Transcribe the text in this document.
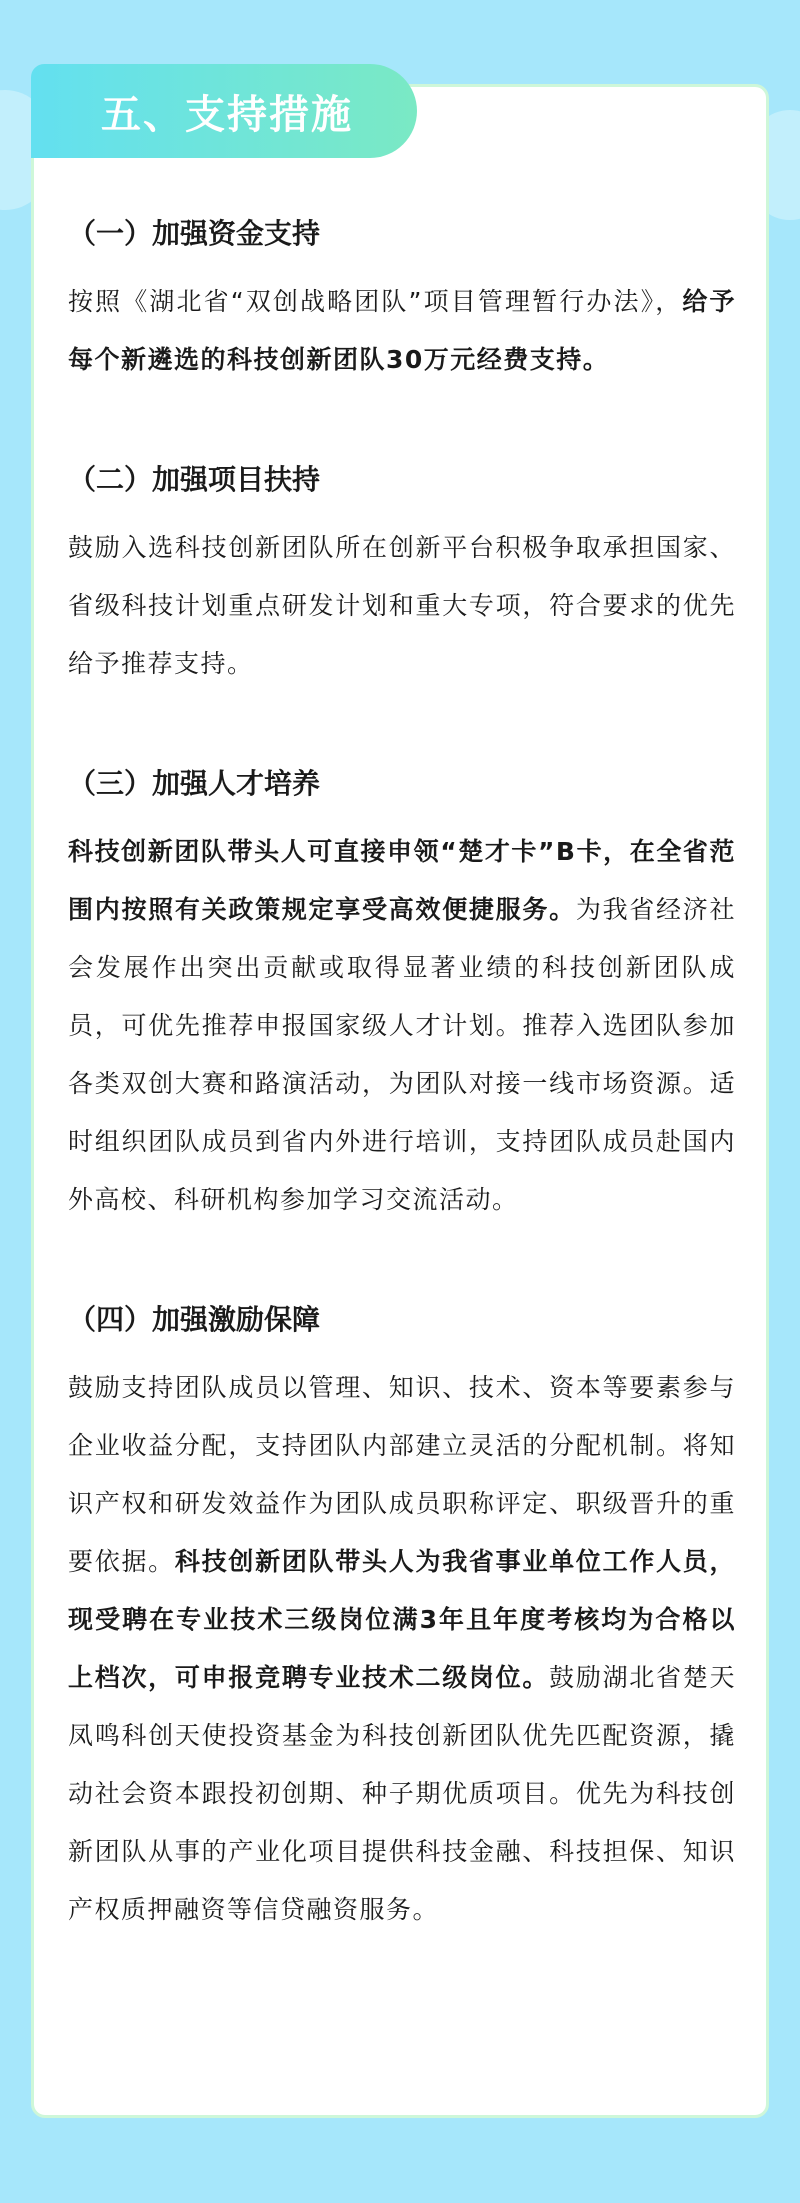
五、支持措施

（一）加强资金支持

按照《湖北省“双创战略团队”项目管理暂行办法》，给予每个新遴选的科技创新团队30万元经费支持。

（二）加强项目扶持

鼓励入选科技创新团队所在创新平台积极争取承担国家、省级科技计划重点研发计划和重大专项，符合要求的优先给予推荐支持。

（三）加强人才培养

科技创新团队带头人可直接申领“楚才卡”B卡，在全省范围内按照有关政策规定享受高效便捷服务。为我省经济社会发展作出突出贡献或取得显著业绩的科技创新团队成员，可优先推荐申报国家级人才计划。推荐入选团队参加各类双创大赛和路演活动，为团队对接一线市场资源。适时组织团队成员到省内外进行培训，支持团队成员赴国内外高校、科研机构参加学习交流活动。

（四）加强激励保障

鼓励支持团队成员以管理、知识、技术、资本等要素参与企业收益分配，支持团队内部建立灵活的分配机制。将知识产权和研发效益作为团队成员职称评定、职级晋升的重要依据。科技创新团队带头人为我省事业单位工作人员，现受聘在专业技术三级岗位满3年且年度考核均为合格以上档次，可申报竞聘专业技术二级岗位。鼓励湖北省楚天凤鸣科创天使投资基金为科技创新团队优先匹配资源，撬动社会资本跟投初创期、种子期优质项目。优先为科技创新团队从事的产业化项目提供科技金融、科技担保、知识产权质押融资等信贷融资服务。
